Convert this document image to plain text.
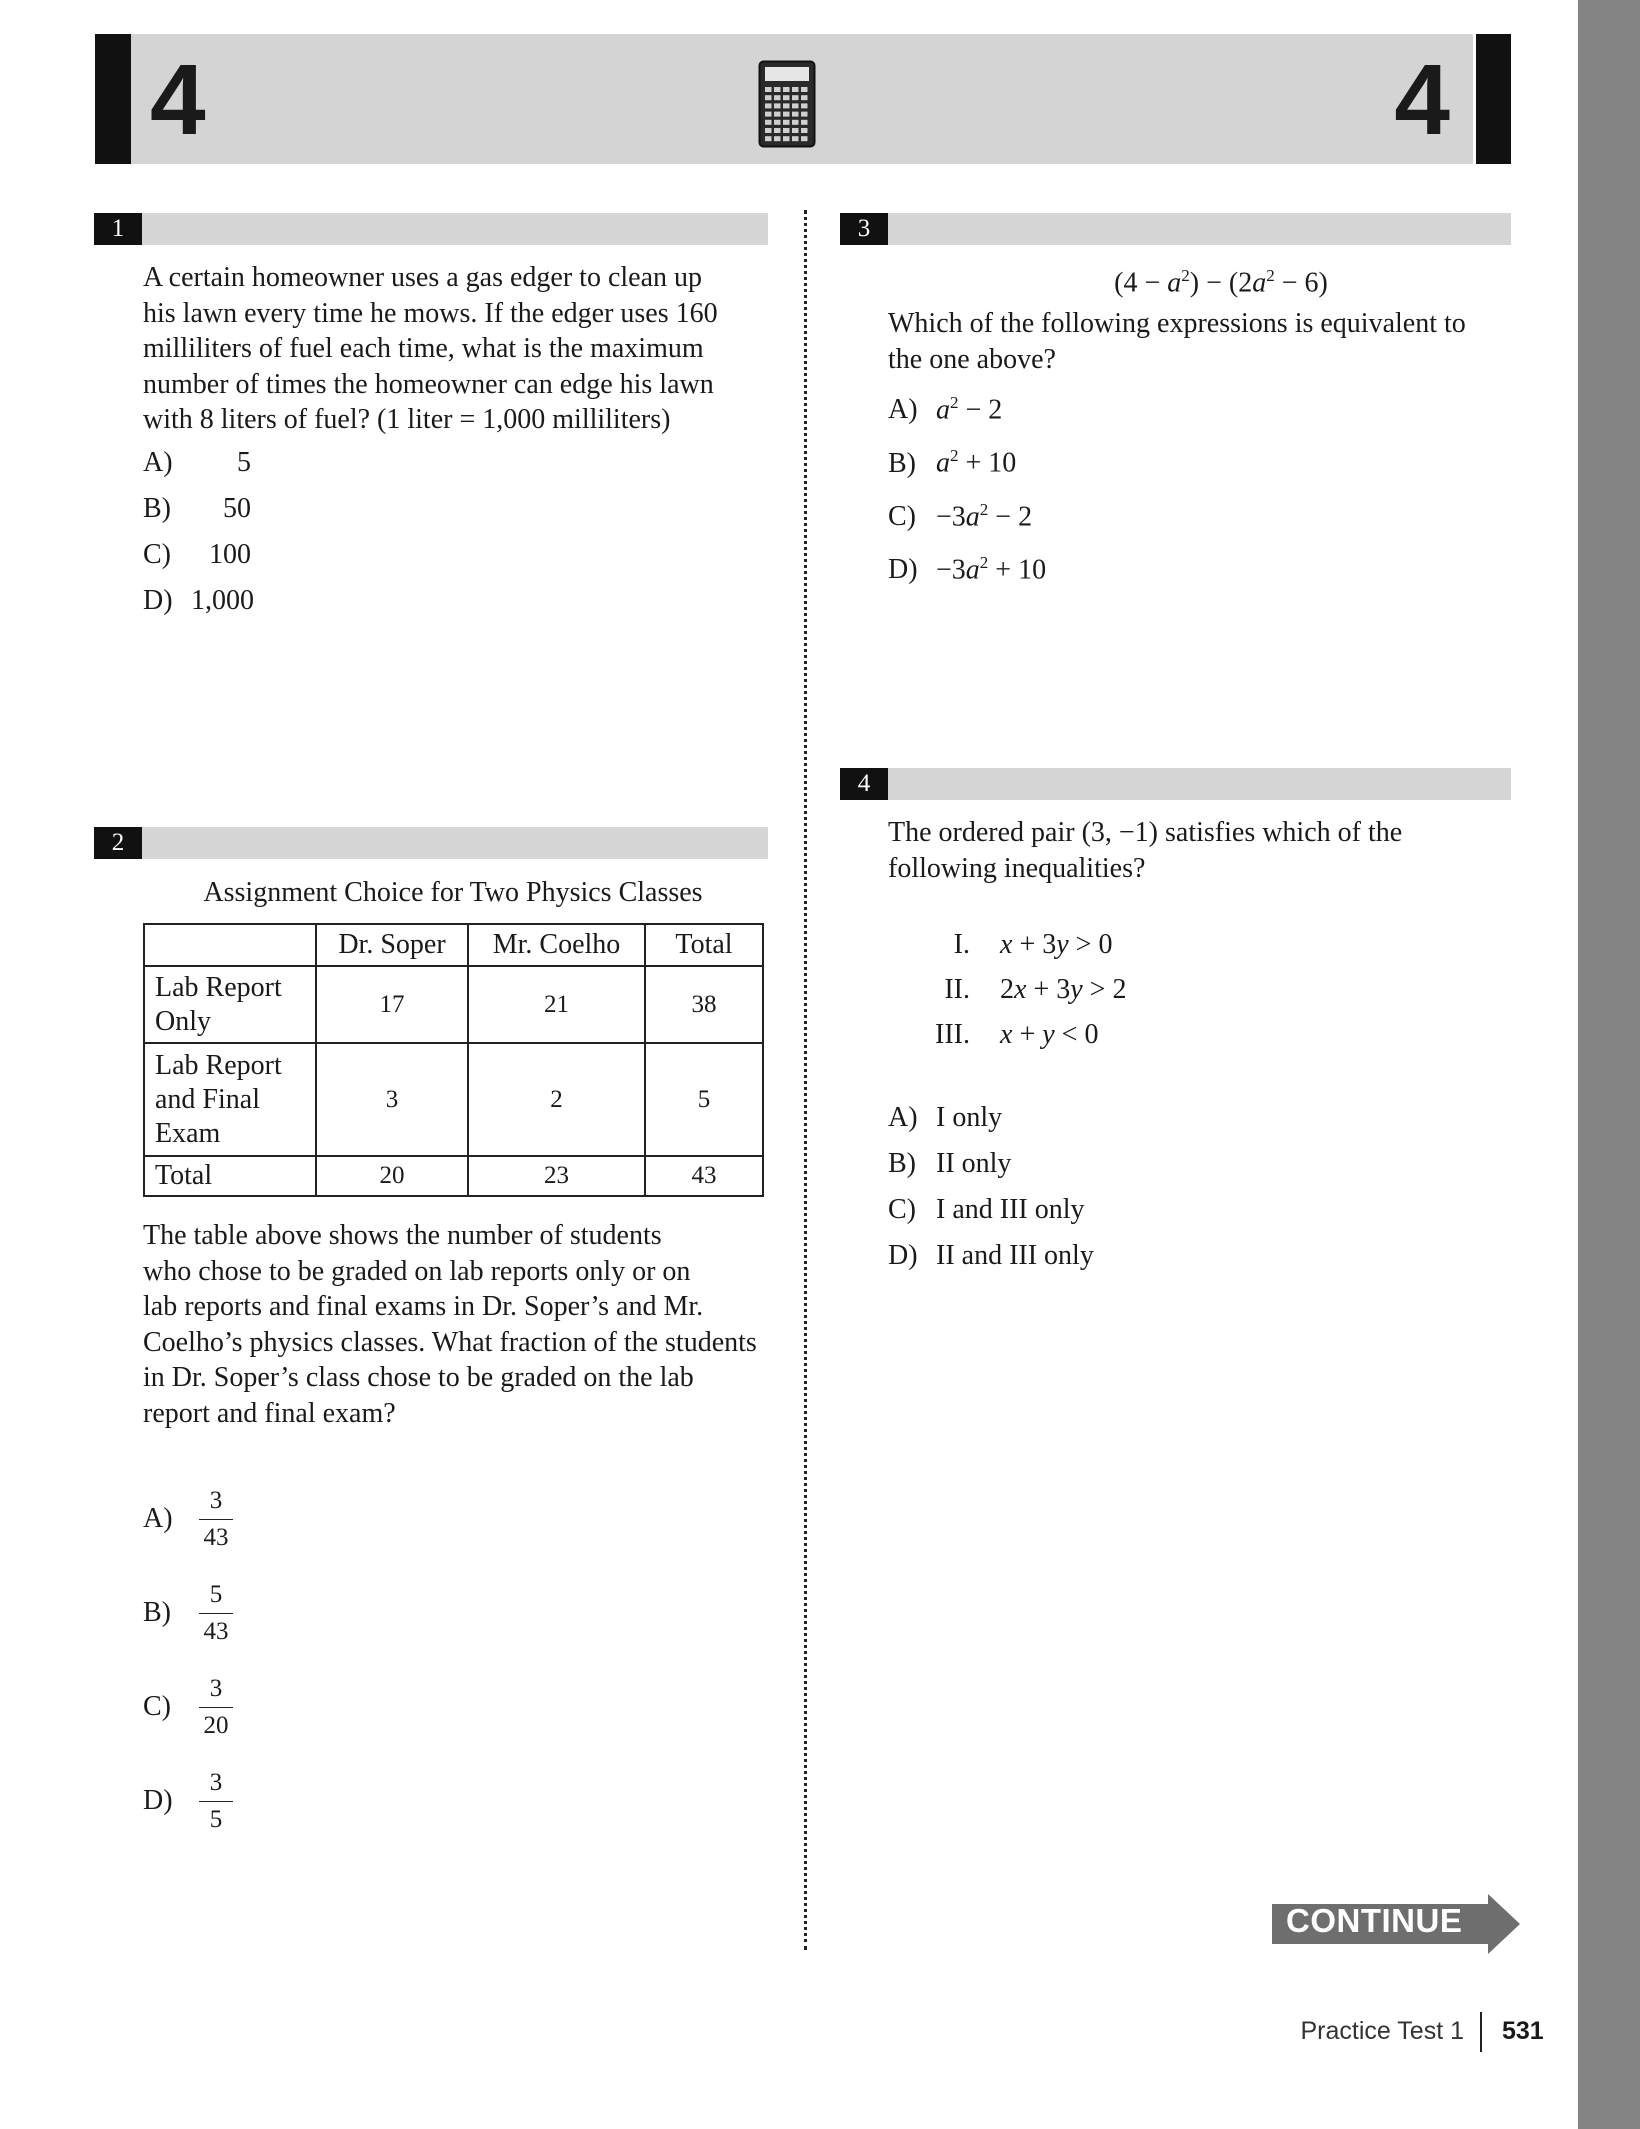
4	4
1
A certain homeowner uses a gas edger to clean up
his lawn every time he mows. If the edger uses 160
milliliters of fuel each time, what is the maximum
number of times the homeowner can edge his lawn
with 8 liters of fuel? (1 liter = 1,000 milliliters)
A) 5
B) 50
C) 100
D) 1,000
2
Assignment Choice for Two Physics Classes
	Dr. Soper	Mr. Coelho	Total

Lab Report
Only	17	21	38

Lab Report
and Final
Exam	3	2	5

Total	20	23	43
The table above shows the number of students
who chose to be graded on lab reports only or on
lab reports and final exams in Dr. Soper’s and Mr.
Coelho’s physics classes. What fraction of the students
in Dr. Soper’s class chose to be graded on the lab
report and final exam?
A)	$\frac{3}{43}$
B)	$\frac{5}{43}$
C)	$\frac{3}{20}$
D)	$\frac{3}{5}$
3
$(4 - a^2) - (2a^2 - 6)$
Which of the following expressions is equivalent to
the one above?
A) $a^2 - 2$
B) $a^2 + 10$
$C) -3a^2 - 2$
$D) -3a^2 + 10$
4
The ordered pair (3, −1) satisfies which of the
following inequalities?
I. x + 3y > 0
II. 2x + 3y > 2
III. x + y < 0
A) I only
B) II only
C) I and III only
D) II and III only
CONTINUE
Practice Test 1 531
